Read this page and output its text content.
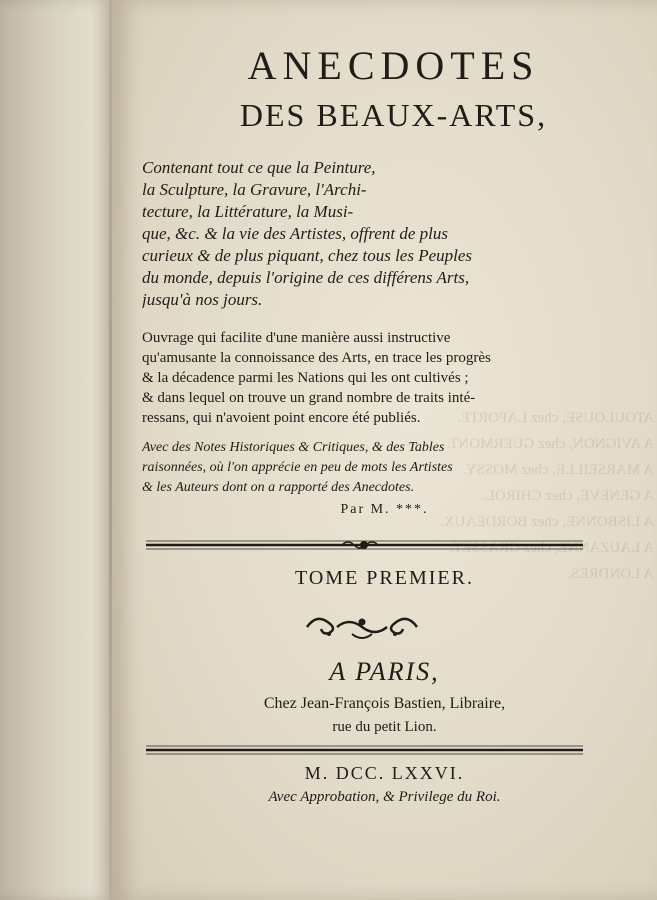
ATOULOUSE, chez LAPORTE.
A AVIGNON, chez GUERMONT.
A MARSEILLE, chez MOSSY.
A GENEVE, chez CHIROL.
A LISBONNE, chez BORDEAUX.
A LAUZANNE, chez GRASSET.
A LONDRES.
ANECDOTES
DES BEAUX-ARTS,
Contenant tout ce que la Peinture,
la Sculpture, la Gravure, l'Archi-
tecture, la Littérature, la Musi-
que, &c. & la vie des Artistes, offrent de plus
curieux & de plus piquant, chez tous les Peuples
du monde, depuis l'origine de ces différens Arts,
jusqu'à nos jours.
Ouvrage qui facilite d'une manière aussi instructive
qu'amusante la connoissance des Arts, en trace les progrès
& la décadence parmi les Nations qui les ont cultivés ;
& dans lequel on trouve un grand nombre de traits inté-
ressans, qui n'avoient point encore été publiés.
Avec des Notes Historiques & Critiques, & des Tables
raisonnées, où l'on apprécie en peu de mots les Artistes
& les Auteurs dont on a rapporté des Anecdotes.
Par M. ***.
TOME PREMIER.
A PARIS,
Chez Jean-François Bastien, Libraire,
rue du petit Lion.
M. DCC. LXXVI.
Avec Approbation, & Privilege du Roi.
